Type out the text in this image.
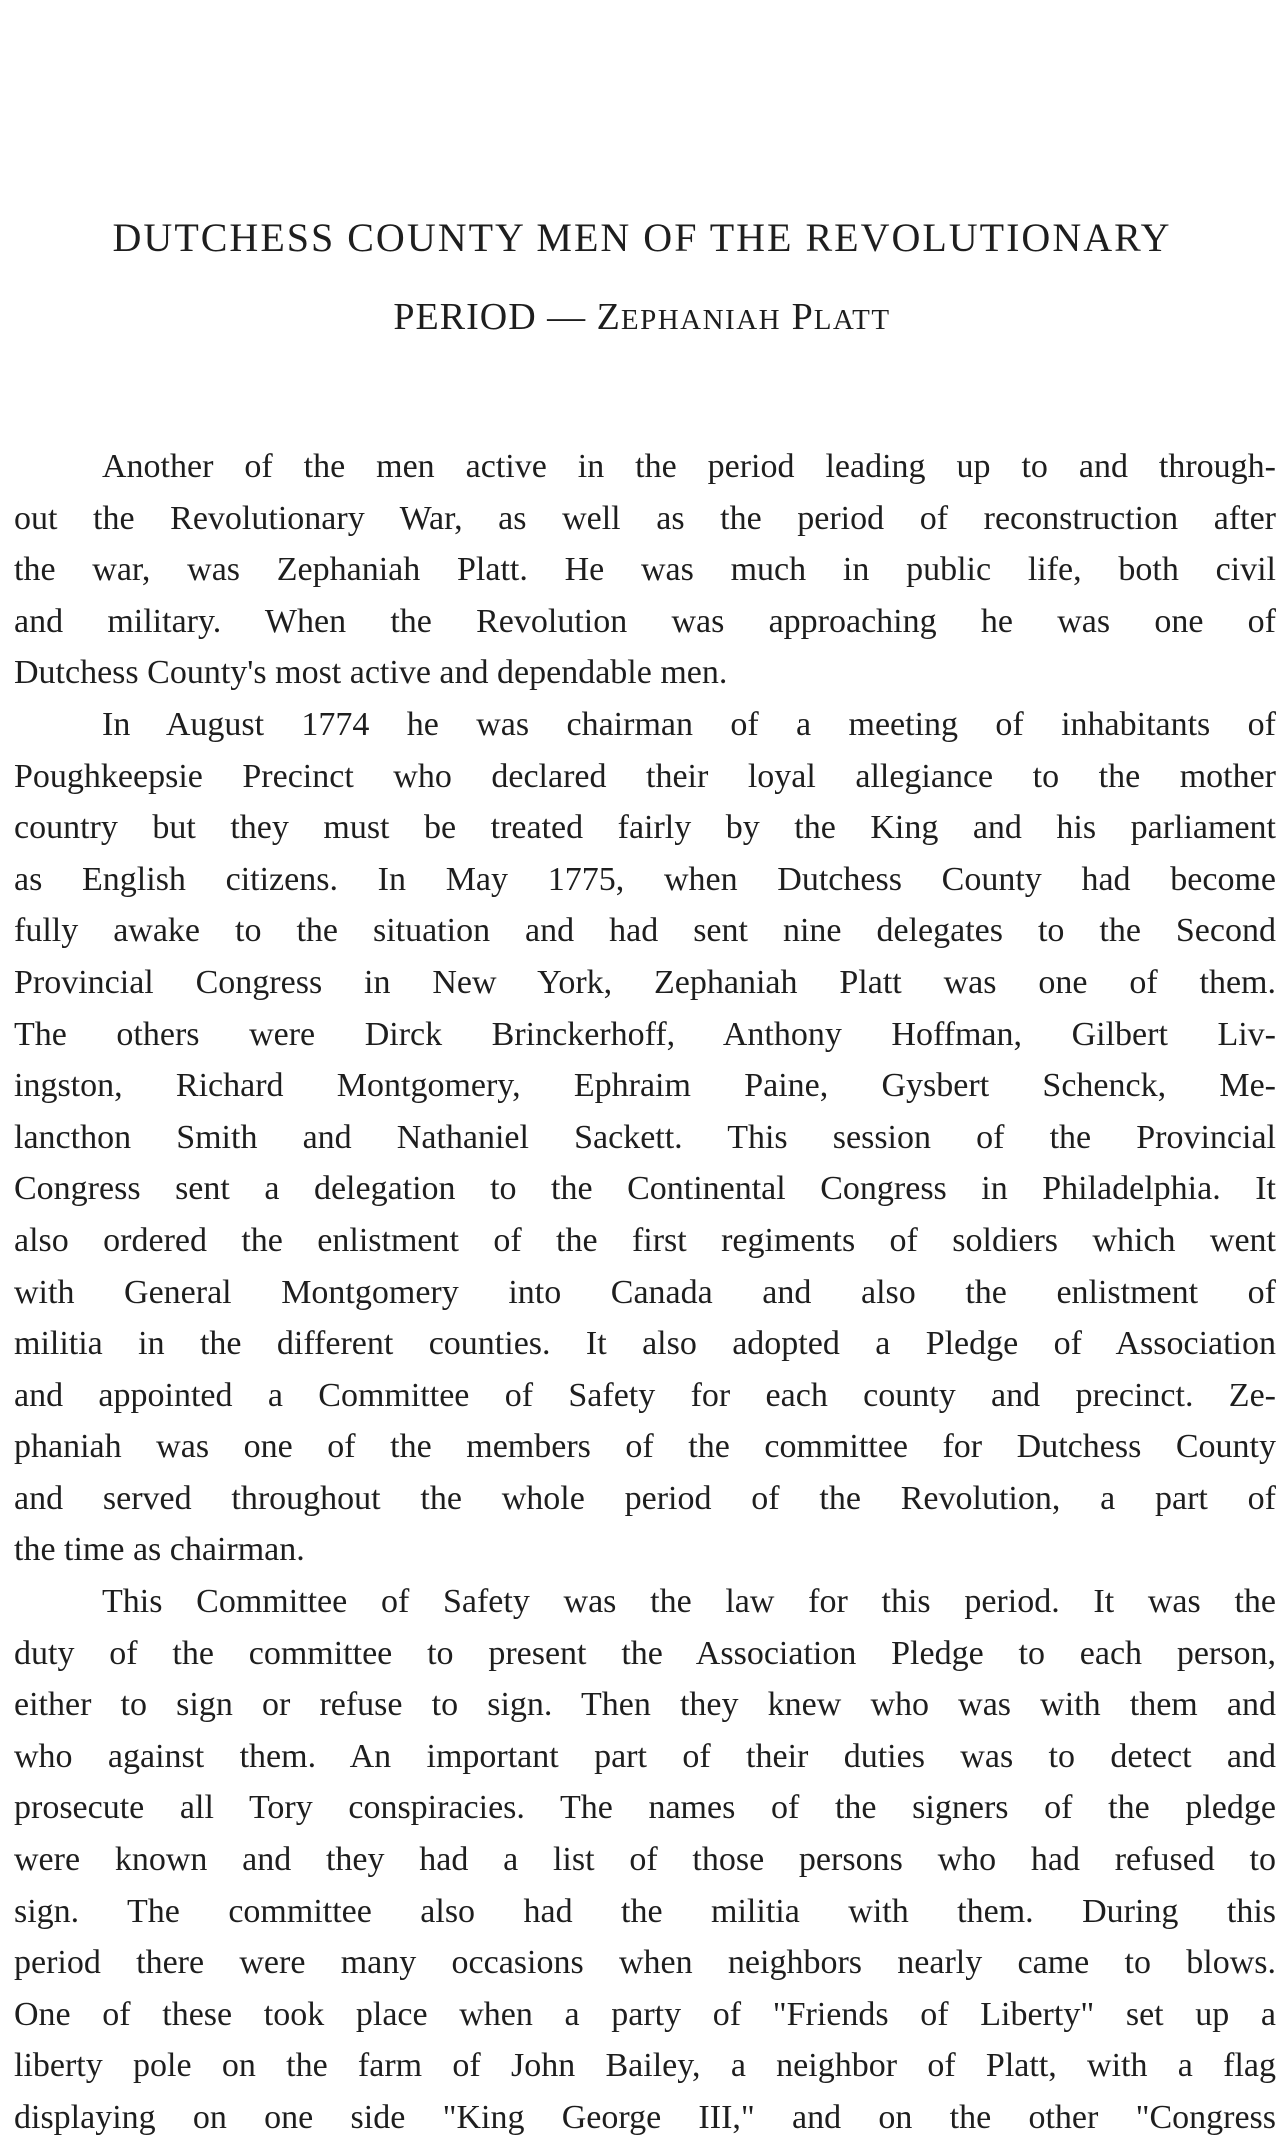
DUTCHESS COUNTY MEN OF THE REVOLUTIONARY
PERIOD — ZEPHANIAH PLATT
Another of the men active in the period leading up to and through-
out the Revolutionary War, as well as the period of reconstruction after
the war, was Zephaniah Platt. He was much in public life, both civil
and military. When the Revolution was approaching he was one of
Dutchess County's most active and dependable men.
In August 1774 he was chairman of a meeting of inhabitants of
Poughkeepsie Precinct who declared their loyal allegiance to the mother
country but they must be treated fairly by the King and his parliament
as English citizens. In May 1775, when Dutchess County had become
fully awake to the situation and had sent nine delegates to the Second
Provincial Congress in New York, Zephaniah Platt was one of them.
The others were Dirck Brinckerhoff, Anthony Hoffman, Gilbert Liv-
ingston, Richard Montgomery, Ephraim Paine, Gysbert Schenck, Me-
lancthon Smith and Nathaniel Sackett. This session of the Provincial
Congress sent a delegation to the Continental Congress in Philadelphia. It
also ordered the enlistment of the first regiments of soldiers which went
with General Montgomery into Canada and also the enlistment of
militia in the different counties. It also adopted a Pledge of Association
and appointed a Committee of Safety for each county and precinct. Ze-
phaniah was one of the members of the committee for Dutchess County
and served throughout the whole period of the Revolution, a part of
the time as chairman.
This Committee of Safety was the law for this period. It was the
duty of the committee to present the Association Pledge to each person,
either to sign or refuse to sign. Then they knew who was with them and
who against them. An important part of their duties was to detect and
prosecute all Tory conspiracies. The names of the signers of the pledge
were known and they had a list of those persons who had refused to
sign. The committee also had the militia with them. During this
period there were many occasions when neighbors nearly came to blows.
One of these took place when a party of "Friends of Liberty" set up a
liberty pole on the farm of John Bailey, a neighbor of Platt, with a flag
displaying on one side "King George III," and on the other "Congress
